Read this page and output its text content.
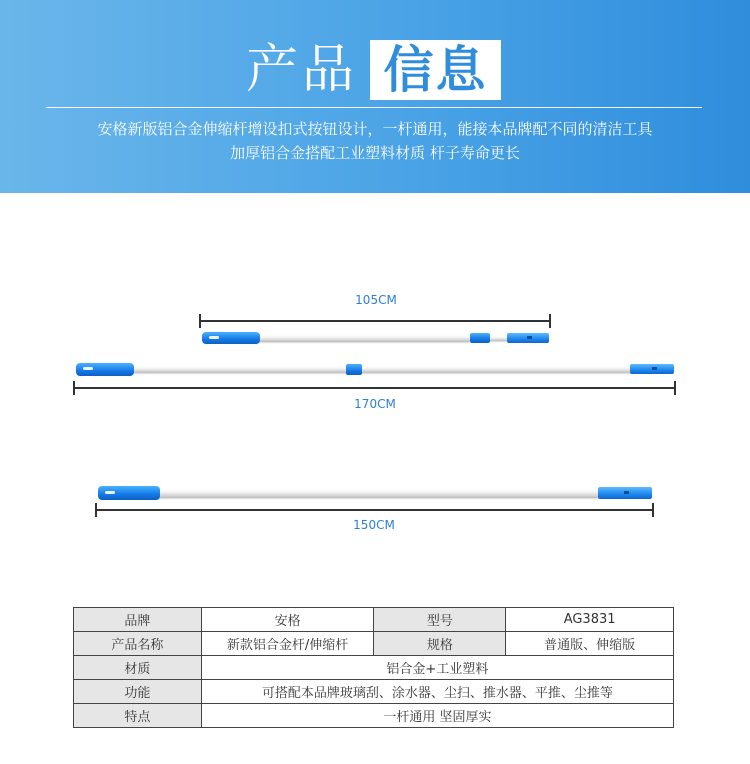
产品 信息
安格新版铝合金伸缩杆增设扣式按钮设计，一杆通用，能接本品牌配不同的清洁工具
加厚铝合金搭配工业塑料材质 杆子寿命更长
105CM
170CM
150CM
品牌	安格	型号	AG3831
产品名称	新款铝合金杆/伸缩杆	规格	普通版、伸缩版
材质	铝合金+工业塑料		
功能	可搭配本品牌玻璃刮、涂水器、尘扫、推水器、平推、尘推等		
特点	一杆通用 坚固厚实		
